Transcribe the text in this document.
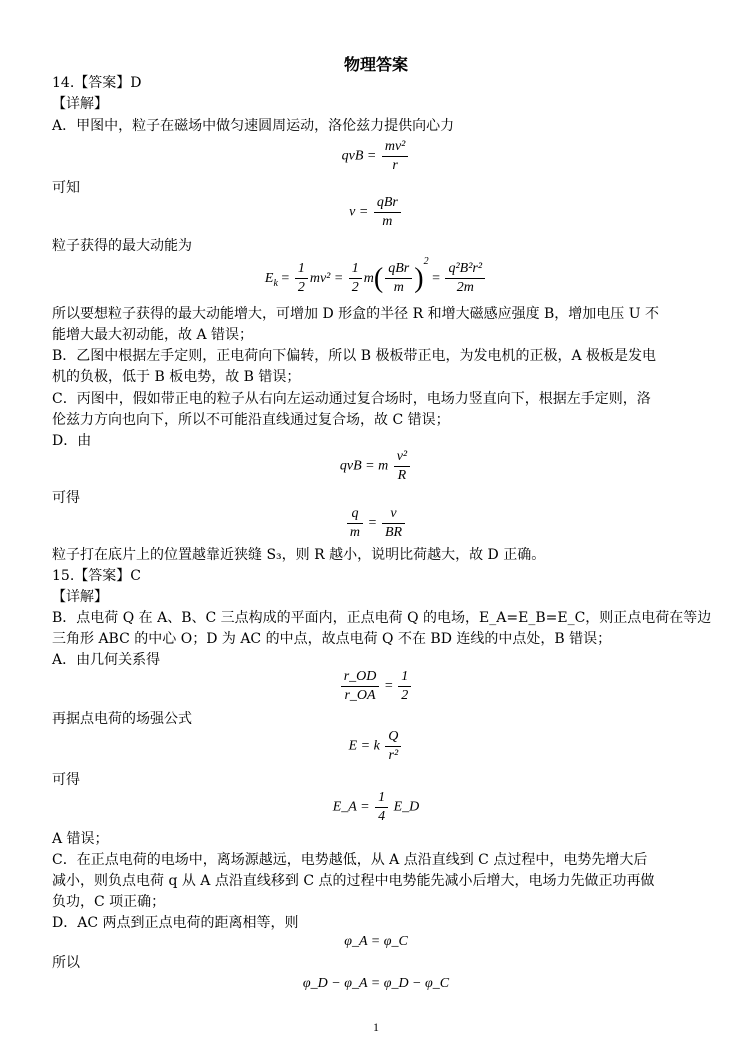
物理答案
14.【答案】D
【详解】
A．甲图中，粒子在磁场中做匀速圆周运动，洛伦兹力提供向心力
qvB = $\frac{\text{mv²}}{r}$
可知
$v = \frac{\text{qBr}}{m}$
粒子获得的最大动能为
$E_k = \frac{1}{2} mv^2 = \frac{1}{2} m( \frac{\text{qBr}}{m} )^2 = \frac{\text{q²B²r²}}{2m}$
所以要想粒子获得的最大动能增大，可增加 D 形盒的半径 R 和增大磁感应强度 B，增加电压 U 不
能增大最大初动能，故 A 错误；
B．乙图中根据左手定则，正电荷向下偏转，所以 B 极板带正电，为发电机的正极，A 极板是发电
机的负极，低于 B 板电势，故 B 错误；
C．丙图中，假如带正电的粒子从右向左运动通过复合场时，电场力竖直向下，根据左手定则，洛
伦兹力方向也向下，所以不可能沿直线通过复合场，故 C 错误；
D．由
qvB = m $\frac{\text{v²}}{R}$
可得
$\frac{q}{m} = \frac{v}{BR}$
粒子打在底片上的位置越靠近狭缝 S₃，则 R 越小，说明比荷越大，故 D 正确。
15.【答案】C
【详解】
B．点电荷 Q 在 A、B、C 三点构成的平面内，正点电荷 Q 的电场，E_A=E_B=E_C，则正点电荷在等边
三角形 ABC 的中心 O；D 为 AC 的中点，故点电荷 Q 不在 BD 连线的中点处，B 错误；
A．由几何关系得
$\frac{r\_OD}{r\_OA} = \frac{1}{2}$
再据点电荷的场强公式
E = k $\frac{Q}{\text{r²}}$
可得
E_A = $\frac{1}{4}$ E_D
A 错误；
C．在正点电荷的电场中，离场源越远，电势越低，从 A 点沿直线到 C 点过程中，电势先增大后
减小，则负点电荷 q 从 A 点沿直线移到 C 点的过程中电势能先减小后增大，电场力先做正功再做
负功，C 项正确；
D．AC 两点到正点电荷的距离相等，则
φ_A = φ_C
所以
φ_D − φ_A = φ_D − φ_C
1
